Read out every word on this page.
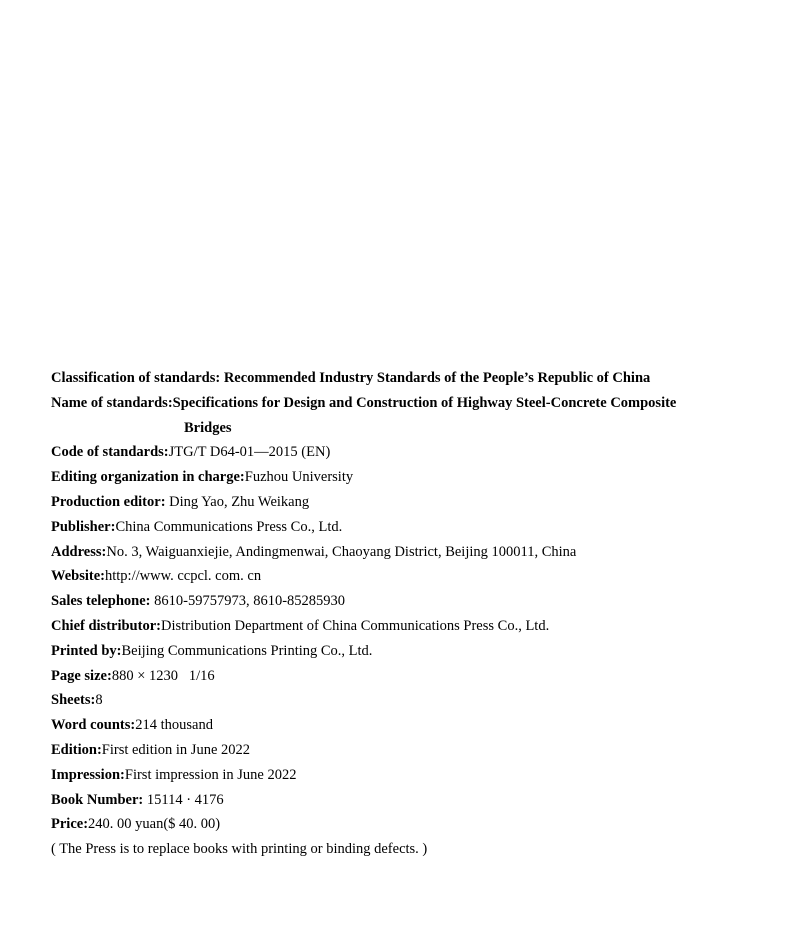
Classification of standards: Recommended Industry Standards of the People’s Republic of China
Name of standards:Specifications for Design and Construction of Highway Steel-Concrete Composite
Bridges
Code of standards:JTG/T D64-01—2015 (EN)
Editing organization in charge:Fuzhou University
Production editor: Ding Yao, Zhu Weikang
Publisher:China Communications Press Co., Ltd.
Address:No. 3, Waiguanxiejie, Andingmenwai, Chaoyang District, Beijing 100011, China
Website:http://www. ccpcl. com. cn
Sales telephone: 8610-59757973, 8610-85285930
Chief distributor:Distribution Department of China Communications Press Co., Ltd.
Printed by:Beijing Communications Printing Co., Ltd.
Page size:880 × 1230   1/16
Sheets:8
Word counts:214 thousand
Edition:First edition in June 2022
Impression:First impression in June 2022
Book Number: 15114 · 4176
Price:240. 00 yuan($ 40. 00)
( The Press is to replace books with printing or binding defects. )
